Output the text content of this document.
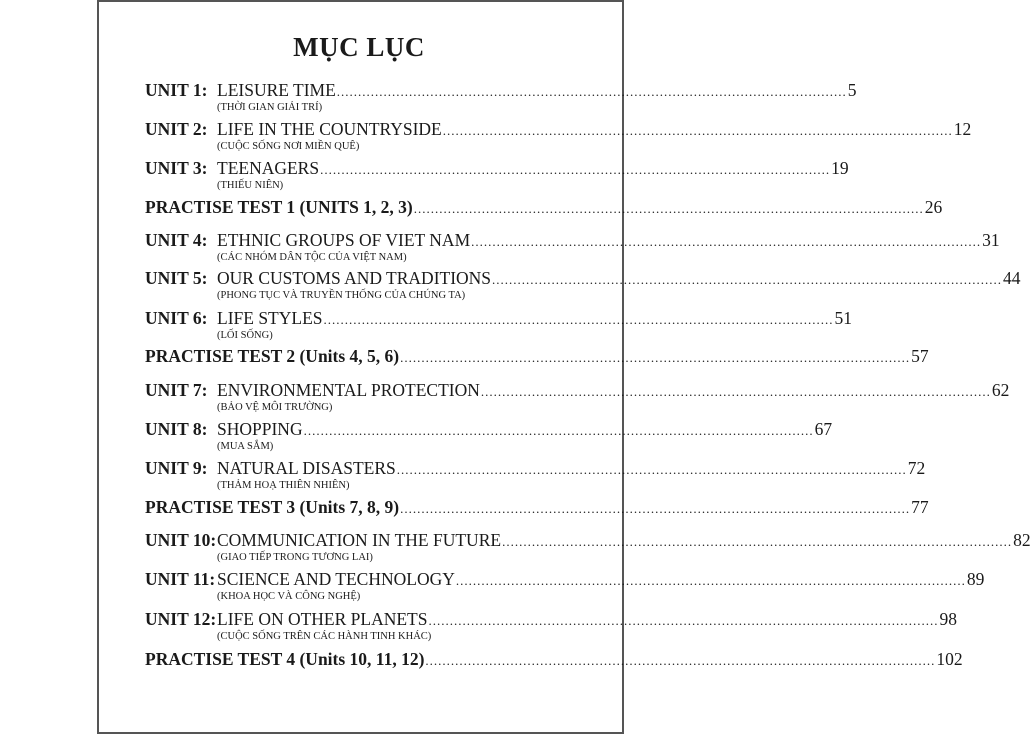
MỤC LỤC
UNIT 1: LEISURE TIME ........................................................................................................................ 5
(THỜI GIAN GIẢI TRÍ)
UNIT 2: LIFE IN THE COUNTRYSIDE ........................................................................................................................ 12
(CUỘC SỐNG NƠI MIỀN QUÊ)
UNIT 3: TEENAGERS ........................................................................................................................ 19
(THIẾU NIÊN)
PRACTISE TEST 1 (UNITS 1, 2, 3) ........................................................................................................................ 26
UNIT 4: ETHNIC GROUPS OF VIET NAM ........................................................................................................................ 31
(CÁC NHÓM DÂN TỘC CỦA VIỆT NAM)
UNIT 5: OUR CUSTOMS AND TRADITIONS ........................................................................................................................ 44
(PHONG TỤC VÀ TRUYỀN THỐNG CỦA CHÚNG TA)
UNIT 6: LIFE STYLES ........................................................................................................................ 51
(LỐI SỐNG)
PRACTISE TEST 2 (Units 4, 5, 6) ........................................................................................................................ 57
UNIT 7: ENVIRONMENTAL PROTECTION ........................................................................................................................ 62
(BẢO VỆ MÔI TRƯỜNG)
UNIT 8: SHOPPING ........................................................................................................................ 67
(MUA SẮM)
UNIT 9: NATURAL DISASTERS ........................................................................................................................ 72
(THẢM HOẠ THIÊN NHIÊN)
PRACTISE TEST 3 (Units 7, 8, 9) ........................................................................................................................ 77
UNIT 10: COMMUNICATION IN THE FUTURE ........................................................................................................................ 82
(GIAO TIẾP TRONG TƯƠNG LAI)
UNIT 11: SCIENCE AND TECHNOLOGY ........................................................................................................................ 89
(KHOA HỌC VÀ CÔNG NGHỆ)
UNIT 12: LIFE ON OTHER PLANETS ........................................................................................................................ 98
(CUỘC SỐNG TRÊN CÁC HÀNH TINH KHÁC)
PRACTISE TEST 4 (Units 10, 11, 12) ........................................................................................................................ 102
